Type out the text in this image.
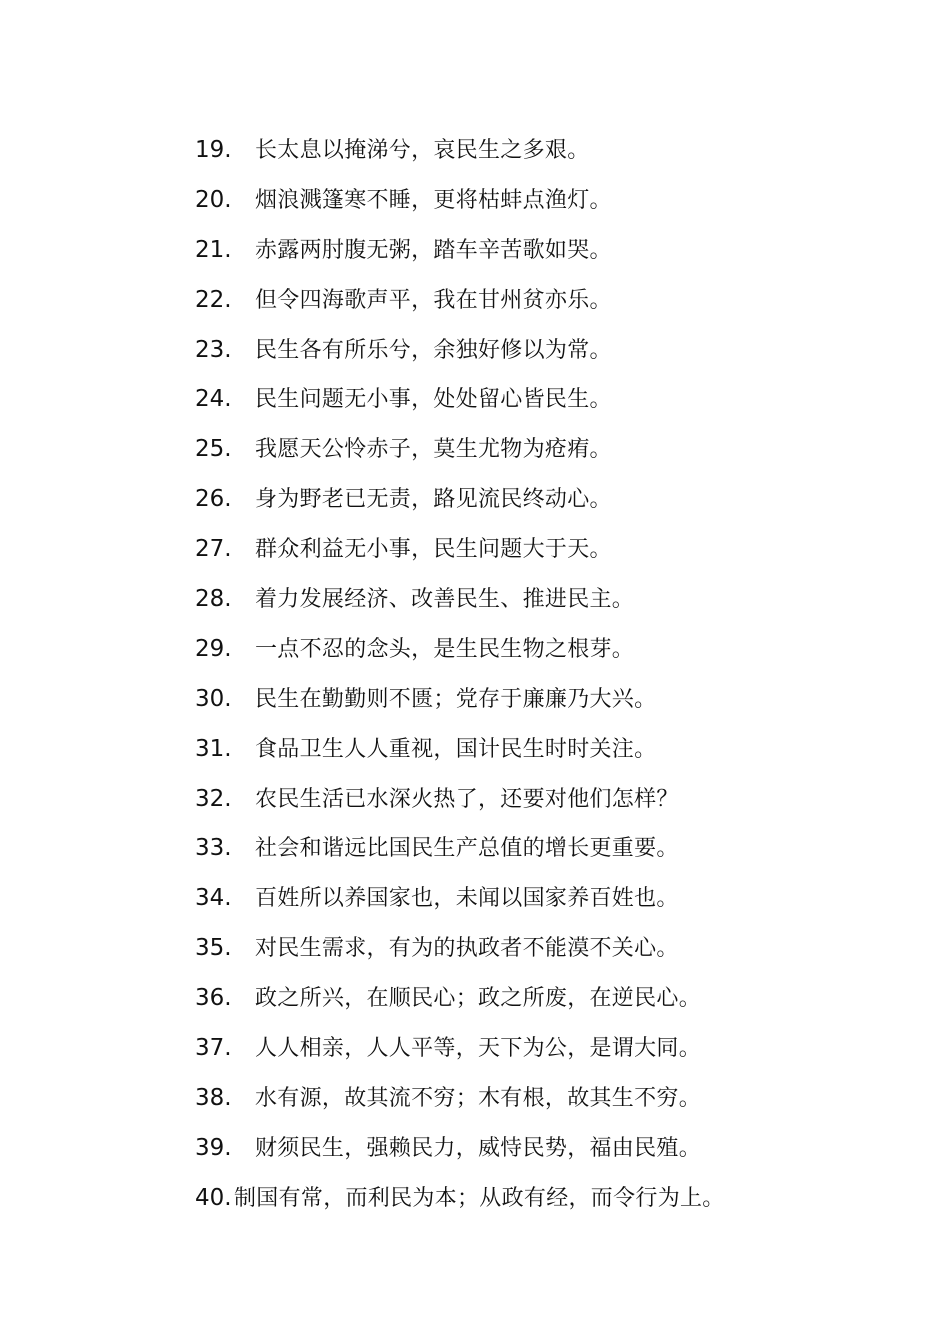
19. 长太息以掩涕兮，哀民生之多艰。
20. 烟浪溅篷寒不睡，更将枯蚌点渔灯。
21. 赤露两肘腹无粥，踏车辛苦歌如哭。
22. 但令四海歌声平，我在甘州贫亦乐。
23. 民生各有所乐兮，余独好修以为常。
24. 民生问题无小事，处处留心皆民生。
25. 我愿天公怜赤子，莫生尤物为疮痏。
26. 身为野老已无责，路见流民终动心。
27. 群众利益无小事，民生问题大于天。
28. 着力发展经济、改善民生、推进民主。
29. 一点不忍的念头，是生民生物之根芽。
30. 民生在勤勤则不匮；党存于廉廉乃大兴。
31. 食品卫生人人重视，国计民生时时关注。
32. 农民生活已水深火热了，还要对他们怎样？
33. 社会和谐远比国民生产总值的增长更重要。
34. 百姓所以养国家也，未闻以国家养百姓也。
35. 对民生需求，有为的执政者不能漠不关心。
36. 政之所兴，在顺民心；政之所废，在逆民心。
37. 人人相亲，人人平等，天下为公，是谓大同。
38. 水有源，故其流不穷；木有根，故其生不穷。
39. 财须民生，强赖民力，威恃民势，福由民殖。
40. 制国有常，而利民为本；从政有经，而令行为上。
